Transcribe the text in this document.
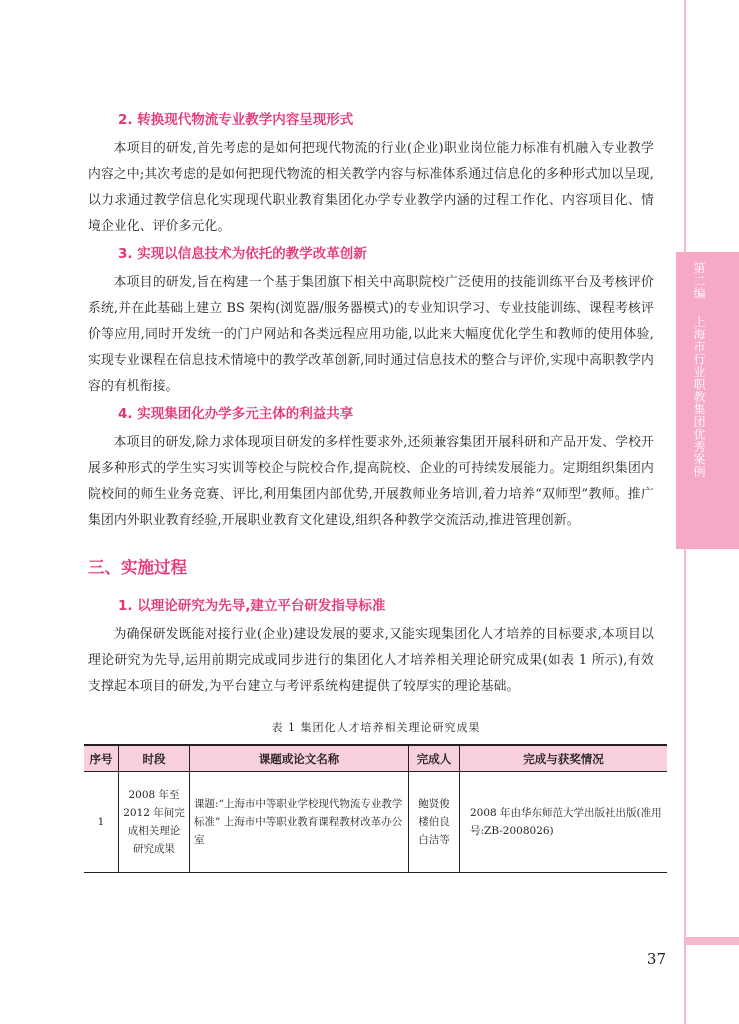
第二编上海市行业职教集团优秀案例
2. 转换现代物流专业教学内容呈现形式

本项目的研发,首先考虑的是如何把现代物流的行业(企业)职业岗位能力标准有机融入专业教学内容之中;其次考虑的是如何把现代物流的相关教学内容与标准体系通过信息化的多种形式加以呈现,以力求通过教学信息化实现现代职业教育集团化办学专业教学内涵的过程工作化、内容项目化、情境企业化、评价多元化。

3. 实现以信息技术为依托的教学改革创新

本项目的研发,旨在构建一个基于集团旗下相关中高职院校广泛使用的技能训练平台及考核评价系统,并在此基础上建立 BS 架构(浏览器/服务器模式)的专业知识学习、专业技能训练、课程考核评价等应用,同时开发统一的门户网站和各类远程应用功能,以此来大幅度优化学生和教师的使用体验,实现专业课程在信息技术情境中的教学改革创新,同时通过信息技术的整合与评价,实现中高职教学内容的有机衔接。

4. 实现集团化办学多元主体的利益共享

本项目的研发,除力求体现项目研发的多样性要求外,还须兼容集团开展科研和产品开发、学校开展多种形式的学生实习实训等校企与院校合作,提高院校、企业的可持续发展能力。定期组织集团内院校间的师生业务竞赛、评比,利用集团内部优势,开展教师业务培训,着力培养“双师型”教师。推广集团内外职业教育经验,开展职业教育文化建设,组织各种教学交流活动,推进管理创新。

三、实施过程
1. 以理论研究为先导,建立平台研发指导标准

为确保研发既能对接行业(企业)建设发展的要求,又能实现集团化人才培养的目标要求,本项目以理论研究为先导,运用前期完成或同步进行的集团化人才培养相关理论研究成果(如表 1 所示),有效支撑起本项目的研发,为平台建立与考评系统构建提供了较厚实的理论基础。

表 1 集团化人才培养相关理论研究成果
序号	时段	课题或论文名称	完成人	完成与获奖情况
1	2008 年至 2012 年间完成相关理论研究成果	课题:“上海市中等职业学校现代物流专业教学标准” 上海市中等职业教育课程教材改革办公室	鲍贤俊 楼伯良 白洁等	2008 年由华东师范大学出版社出版(准用号:ZB-2008026)
37
